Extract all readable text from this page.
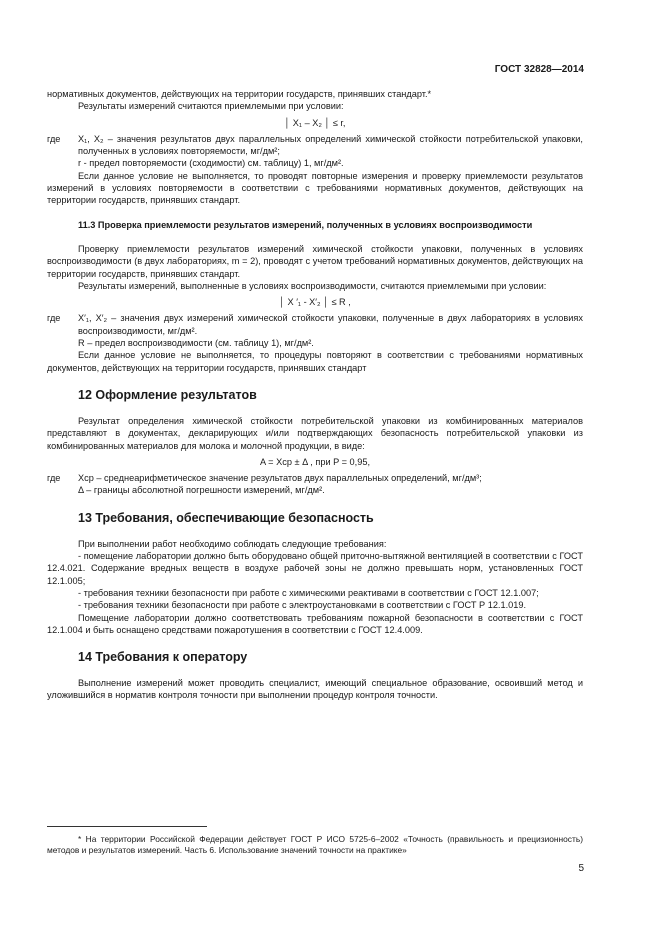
ГОСТ 32828—2014

нормативных документов, действующих на территории государств, принявших стандарт.*

Результаты измерений считаются приемлемыми при условии:

│ X₁ – X₂ │ ≤ r,

где	X₁, X₂ – значения результатов двух параллельных определений химической стойкости потребительской упаковки, полученных в условиях повторяемости, мг/дм²;

r - предел повторяемости (сходимости) см. таблицу) 1, мг/дм².

Если данное условие не выполняется, то проводят повторные измерения и проверку приемлемости результатов измерений в условиях повторяемости в соответствии с требованиями нормативных документов, действующих на территории государств, принявших стандарт.

11.3 Проверка приемлемости результатов измерений, полученных в условиях воспроизводимости

Проверку приемлемости результатов измерений химической стойкости упаковки, полученных в условиях воспроизводимости (в двух лабораториях, m = 2), проводят с учетом требований нормативных документов, действующих на территории государств, принявших стандарт.

Результаты измерений, выполненные в условиях воспроизводимости, считаются приемлемыми при условии:

│ X ′₁ - X′₂ │ ≤ R ,

где	X′₁, X′₂ – значения двух измерений химической стойкости упаковки, полученные в двух лабораториях в условиях воспроизводимости, мг/дм².

R – предел воспроизводимости (см. таблицу 1), мг/дм².

Если данное условие не выполняется, то процедуры повторяют в соответствии с требованиями нормативных документов, действующих на территории государств, принявших стандарт

12 Оформление результатов

Результат определения химической стойкости потребительской упаковки из комбинированных материалов представляют в документах, декларирующих и/или подтверждающих безопасность потребительской упаковки из комбинированных материалов для молока и молочной продукции, в виде:

A = Xср ± Δ , при P = 0,95,

где	Xср – среднеарифметическое значение результатов двух параллельных определений, мг/дм³;

Δ – границы абсолютной погрешности измерений, мг/дм².

13 Требования, обеспечивающие безопасность

При выполнении работ необходимо соблюдать следующие требования:

- помещение лаборатории должно быть оборудовано общей приточно-вытяжной вентиляцией в соответствии с ГОСТ 12.4.021. Содержание вредных веществ в воздухе рабочей зоны не должно превышать норм, установленных ГОСТ 12.1.005;

- требования техники безопасности при работе с химическими реактивами в соответствии с ГОСТ 12.1.007;

- требования техники безопасности при работе с электроустановками в соответствии с ГОСТ Р 12.1.019.

Помещение лаборатории должно соответствовать требованиям пожарной безопасности в соответствии с ГОСТ 12.1.004 и быть оснащено средствами пожаротушения в соответствии с ГОСТ 12.4.009.

14 Требования к оператору

Выполнение измерений может проводить специалист, имеющий специальное образование, освоивший метод и уложившийся в норматив контроля точности при выполнении процедур контроля точности.

* На территории Российской Федерации действует ГОСТ Р ИСО 5725-6–2002 «Точность (правильность и прецизионность) методов и результатов измерений. Часть 6. Использование значений точности на практике»
5
